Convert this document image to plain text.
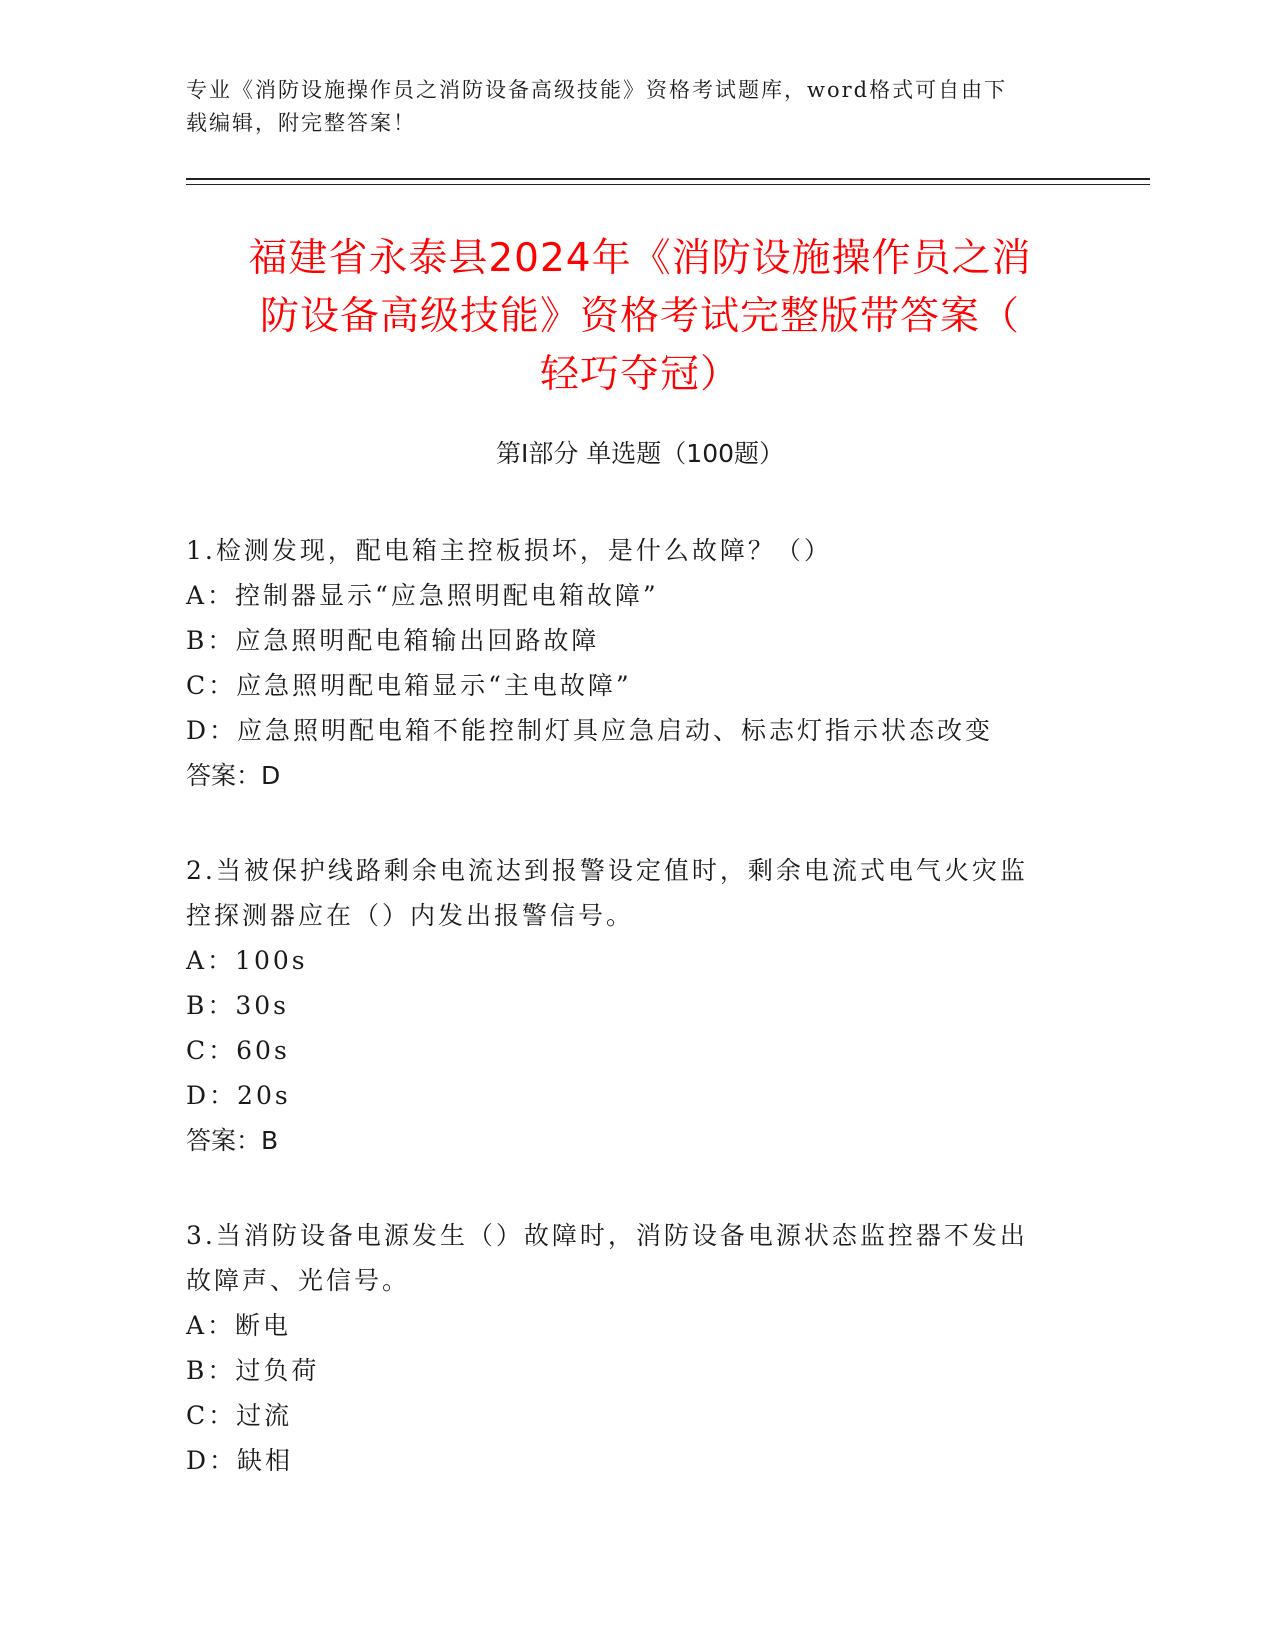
专业《消防设施操作员之消防设备高级技能》资格考试题库，word格式可自由下
载编辑，附完整答案！
福建省永泰县2024年《消防设施操作员之消
防设备高级技能》资格考试完整版带答案（
轻巧夺冠）
第Ⅰ部分 单选题（100题）
1.检测发现，配电箱主控板损坏，是什么故障？（）
A：控制器显示“应急照明配电箱故障”
B：应急照明配电箱输出回路故障
C：应急照明配电箱显示“主电故障”
D：应急照明配电箱不能控制灯具应急启动、标志灯指示状态改变
答案：D
2.当被保护线路剩余电流达到报警设定值时，剩余电流式电气火灾监
控探测器应在（）内发出报警信号。
A：100s
B：30s
C：60s
D：20s
答案：B
3.当消防设备电源发生（）故障时，消防设备电源状态监控器不发出
故障声、光信号。
A：断电
B：过负荷
C：过流
D：缺相
